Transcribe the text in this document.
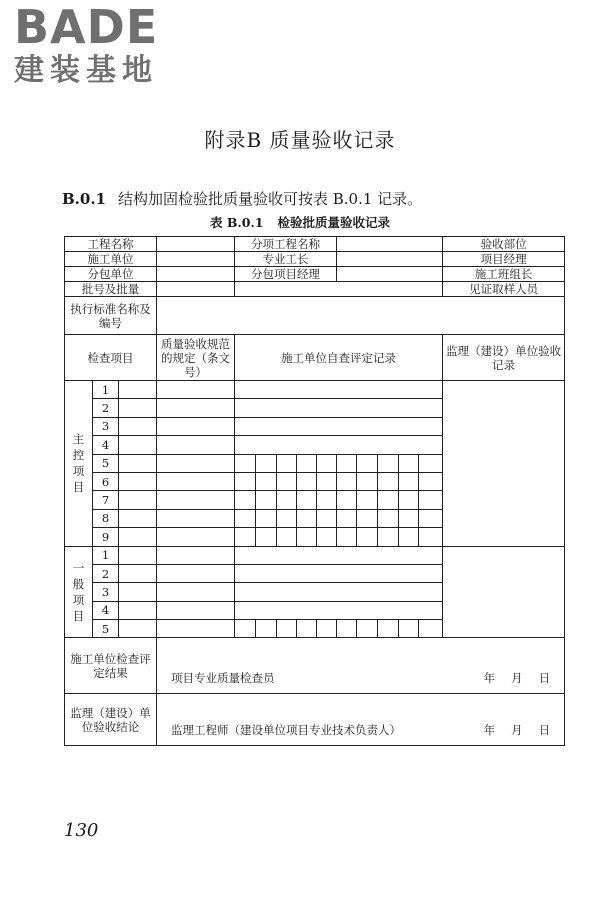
BADE
建装基地
附录B 质量验收记录
B.0.1 结构加固检验批质量验收可按表 B.0.1 记录。
表 B.0.1 检验批质量验收记录
工程名称				分项工程名称										验收部位
施工单位				专业工长										项目经理
分包单位				分包项目经理										施工班组长
批号及批量														见证取样人员
执行标准名称及编号														
检查项目			质量验收规范的规定（条文号）	施工单位自查评定记录										监理（建设）单位验收记录

主控项目	1													
	2													
	3													
	4													
	5													
	6													
	7													
	8													
	9													

一般项目	1													
	2													
	3													
	4													
	5													
施工单位检查评定结果			项目专业质量检查员 年 月 日											

监理（建设）单位验收结论			监理工程师（建设单位项目专业技术负责人） 年 月 日											
130
